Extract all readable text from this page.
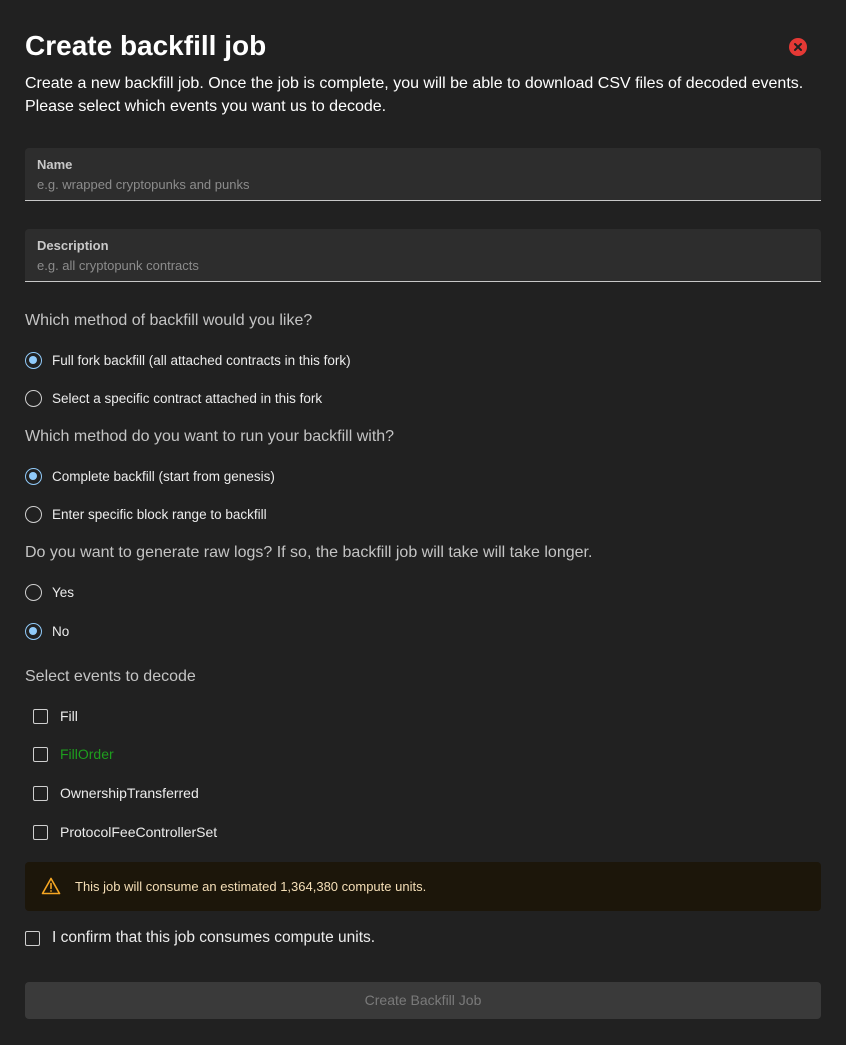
Create backfill job

Create a new backfill job. Once the job is complete, you will be able to download CSV files of decoded events. Please select which events you want us to decode.

Name
e.g. wrapped cryptopunks and punks
Description
e.g. all cryptopunk contracts
Which method of backfill would you like?
Full fork backfill (all attached contracts in this fork)
Select a specific contract attached in this fork
Which method do you want to run your backfill with?
Complete backfill (start from genesis)
Enter specific block range to backfill
Do you want to generate raw logs? If so, the backfill job will take will take longer.
Yes
No
Select events to decode
Fill
FillOrder
OwnershipTransferred
ProtocolFeeControllerSet
This job will consume an estimated 1,364,380 compute units.
I confirm that this job consumes compute units.
Create Backfill Job
